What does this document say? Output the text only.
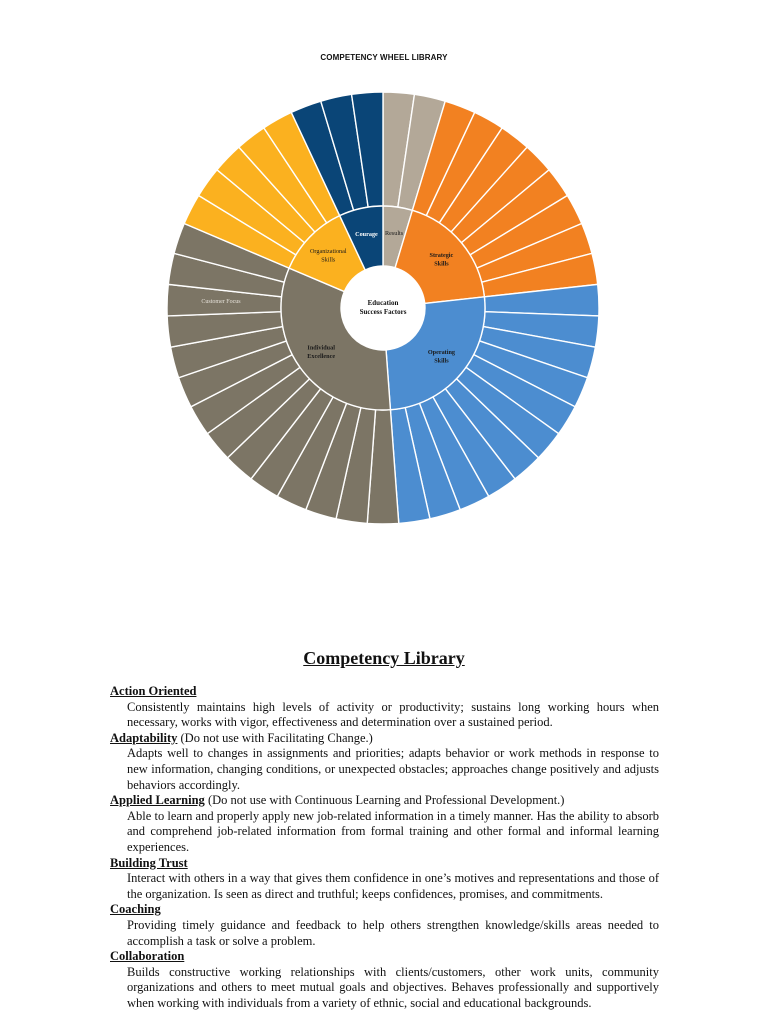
COMPETENCY WHEEL LIBRARY
Results
Strategic Skills
Operating Skills
Individual Excellence
Organizational Skills
Courage
Education Success Factors
Customer Focus
Competency Library
Action Oriented
Consistently maintains high levels of activity or productivity; sustains long working hours when necessary, works with vigor, effectiveness and determination over a sustained period.
Adaptability (Do not use with Facilitating Change.)
Adapts well to changes in assignments and priorities; adapts behavior or work methods in response to new information, changing conditions, or unexpected obstacles; approaches change positively and adjusts behaviors accordingly.
Applied Learning (Do not use with Continuous Learning and Professional Development.)
Able to learn and properly apply new job-related information in a timely manner. Has the ability to absorb and comprehend job-related information from formal training and other formal and informal learning experiences.
Building Trust
Interact with others in a way that gives them confidence in one’s motives and representations and those of the organization. Is seen as direct and truthful; keeps confidences, promises, and commitments.
Coaching
Providing timely guidance and feedback to help others strengthen knowledge/skills areas needed to accomplish a task or solve a problem.
Collaboration
Builds constructive working relationships with clients/customers, other work units, community organizations and others to meet mutual goals and objectives. Behaves professionally and supportively when working with individuals from a variety of ethnic, social and educational backgrounds.
